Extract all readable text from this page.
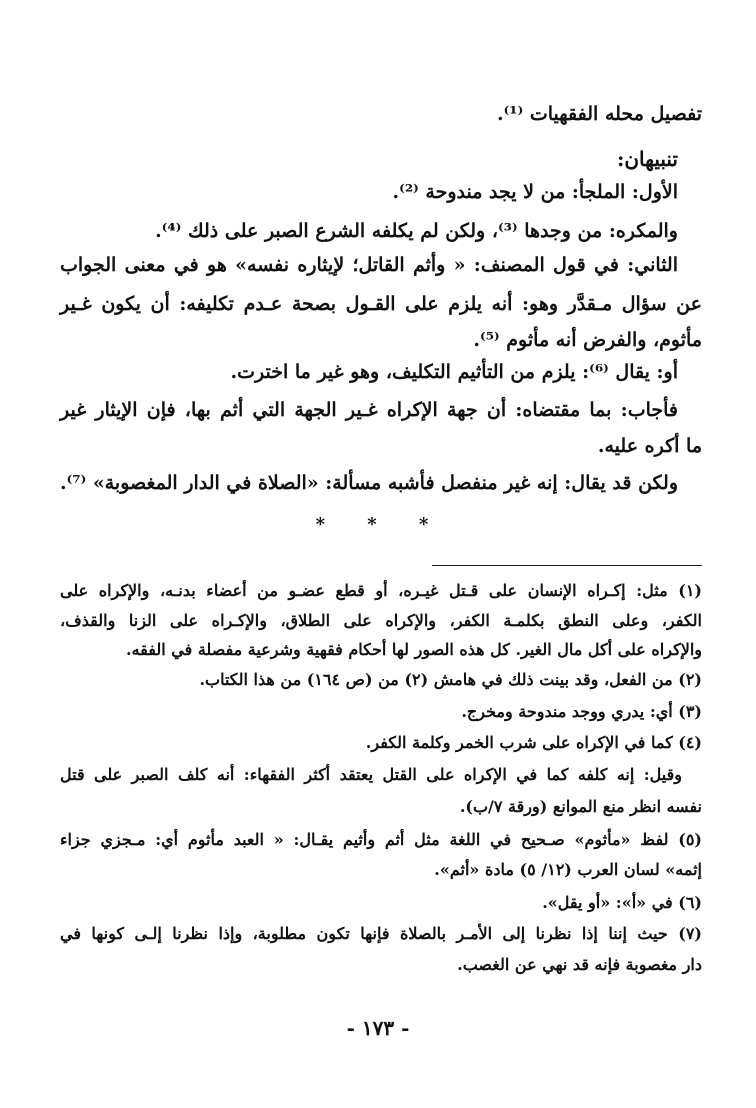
تفصيل محله الفقهيات ⁽¹⁾.
تنبيهان:
الأول: الملجأ: من لا يجد مندوحة ⁽²⁾.
والمكره: من وجدها ⁽³⁾، ولكن لم يكلفه الشرع الصبر على ذلك ⁽⁴⁾.
الثاني: في قول المصنف: « وأثم القاتل؛ لإيثاره نفسه» هو في معنى الجواب
عن سؤال مـقدَّر وهو: أنه يلزم على القـول بصحة عـدم تكليفه: أن يكون غـير
مأثوم، والفرض أنه مأثوم ⁽⁵⁾.
أو: يقال ⁽⁶⁾: يلزم من التأثيم التكليف، وهو غير ما اخترت.
فأجاب: بما مقتضاه: أن جهة الإكراه غـير الجهة التي أثم بها، فإن الإيثار غير
ما أكره عليه.
ولكن قد يقال: إنه غير منفصل فأشبه مسألة: «الصلاة في الدار المغصوبة» ⁽⁷⁾.
* * *
(١) مثل: إكـراه الإنسان على قـتل غيـره، أو قطع عضـو من أعضاء بدنـه، والإكراه على
الكفر، وعلى النطق بكلمـة الكفر، والإكراه على الطلاق، والإكـراه على الزنا والقذف،
والإكراه على أكل مال الغير. كل هذه الصور لها أحكام فقهية وشرعية مفصلة في الفقه.
(٢) من الفعل، وقد بينت ذلك في هامش (٢) من (ص ١٦٤) من هذا الكتاب.
(٣) أي: يدري ووجد مندوحة ومخرج.
(٤) كما في الإكراه على شرب الخمر وكلمة الكفر.
وقيل: إنه كلفه كما في الإكراه على القتل يعتقد أكثر الفقهاء: أنه كلف الصبر على قتل
نفسه انظر منع الموانع (ورقة ٧/ب).
(٥) لفظ «مأثوم» صـحيح في اللغة مثل أثم وأثيم يقـال: « العبد مأثوم أي: مـجزي جزاء
إثمه» لسان العرب (١٢/ ٥) مادة «أثم».
(٦) في «أ»: «أو يقل».
(٧) حيث إننا إذا نظرنا إلى الأمـر بالصلاة فإنها تكون مطلوبة، وإذا نظرنا إلـى كونها في
دار مغصوبة فإنه قد نهي عن الغصب.
- ١٧٣ -
